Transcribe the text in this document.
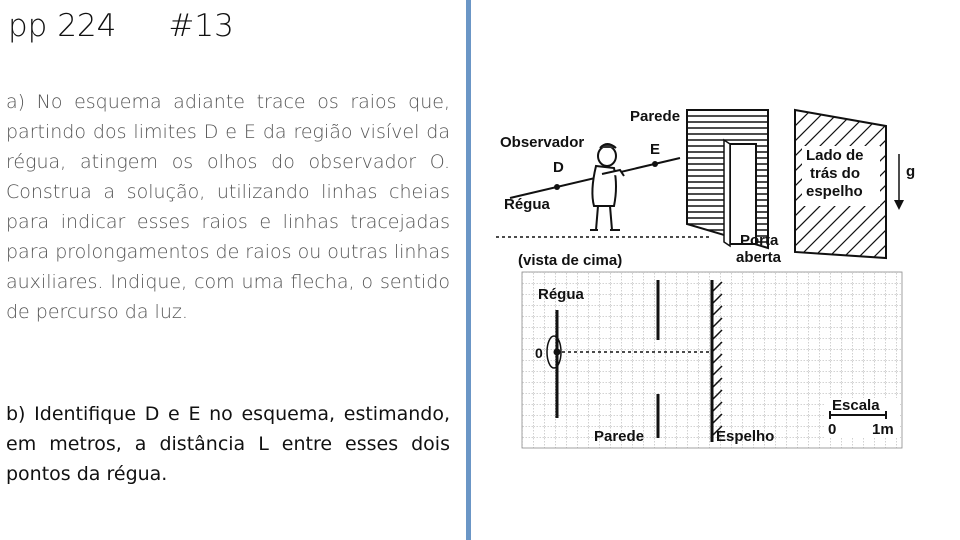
pp 224 #13

a) No esquema adiante trace os raios que, partindo dos limites D e E da região visível da régua, atingem os olhos do observador O. Construa a solução, utilizando linhas cheias para indicar esses raios e linhas tracejadas para prolongamentos de raios ou outras linhas auxiliares. Indique, com uma flecha, o sentido de percurso da luz.

b) Identifique D e E no esquema, estimando, em metros, a distância L entre esses dois pontos da régua.

Parede
Observador
D
E
Régua
Lado de
trás do
espelho
g
Porta
aberta
(vista de cima)
Régua
0
Escala
0 1m
Parede	Espelho
